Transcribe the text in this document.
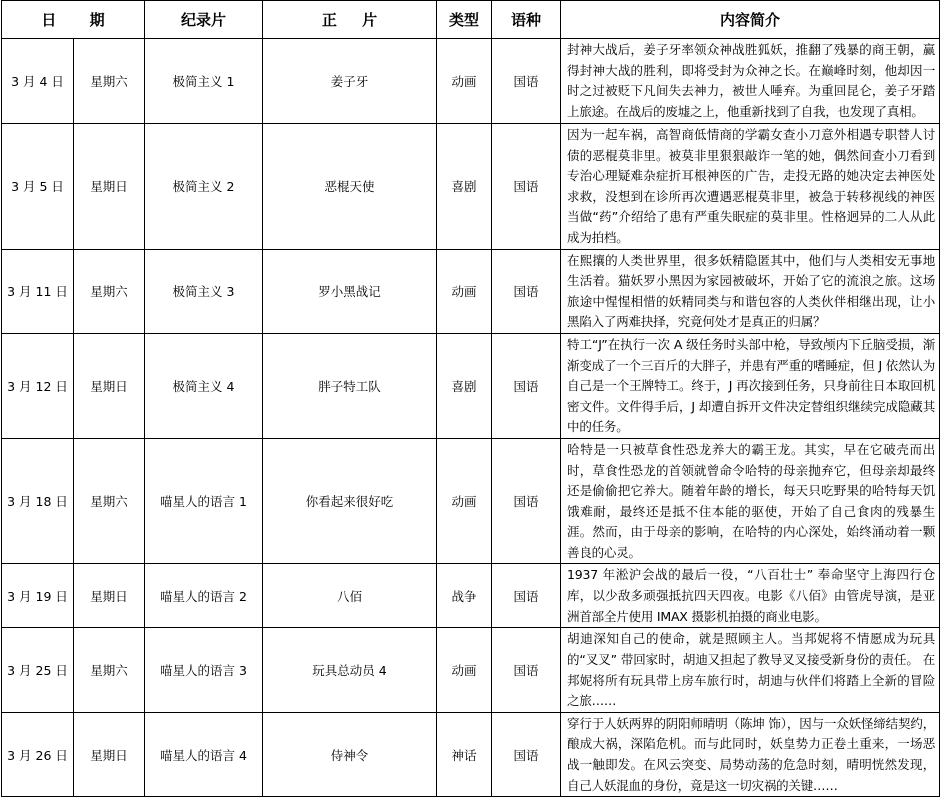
日 期		纪录片	正 片	类型	语种	内容简介
3 月 4 日	星期六	极简主义 1	姜子牙	动画	国语	封神大战后，姜子牙率领众神战胜狐妖，推翻了残暴的商王朝，赢得封神大战的胜利，即将受封为众神之长。在巅峰时刻，他却因一时之过被贬下凡间失去神力，被世人唾弃。为重回昆仑，姜子牙踏上旅途。在战后的废墟之上，他重新找到了自我，也发现了真相。
3 月 5 日	星期日	极简主义 2	恶棍天使	喜剧	国语	因为一起车祸，高智商低情商的学霸女查小刀意外相遇专职替人讨债的恶棍莫非里。被莫非里狠狠敲诈一笔的她，偶然间查小刀看到专治心理疑难杂症折耳根神医的广告，走投无路的她决定去神医处求救，没想到在诊所再次遭遇恶棍莫非里，被急于转移视线的神医当做“药”介绍给了患有严重失眠症的莫非里。性格迥异的二人从此成为拍档。
3 月 11 日	星期六	极简主义 3	罗小黑战记	动画	国语	在熙攘的人类世界里，很多妖精隐匿其中，他们与人类相安无事地生活着。猫妖罗小黑因为家园被破坏，开始了它的流浪之旅。这场旅途中惺惺相惜的妖精同类与和谐包容的人类伙伴相继出现，让小黑陷入了两难抉择，究竟何处才是真正的归属？
3 月 12 日	星期日	极简主义 4	胖子特工队	喜剧	国语	特工“J”在执行一次 A 级任务时头部中枪，导致颅内下丘脑受损，渐渐变成了一个三百斤的大胖子，并患有严重的嗜睡症，但 J 依然认为自己是一个王牌特工。终于，J 再次接到任务，只身前往日本取回机密文件。文件得手后，J 却遭自拆开文件决定替组织继续完成隐藏其中的任务。
3 月 18 日	星期六	喵星人的语言 1	你看起来很好吃	动画	国语	哈特是一只被草食性恐龙养大的霸王龙。其实，早在它破壳而出时，草食性恐龙的首领就曾命令哈特的母亲抛弃它，但母亲却最终还是偷偷把它养大。随着年龄的增长，每天只吃野果的哈特每天饥饿难耐，最终还是抵不住本能的驱使，开始了自己食肉的残暴生涯。然而，由于母亲的影响，在哈特的内心深处，始终涌动着一颗善良的心灵。
3 月 19 日	星期日	喵星人的语言 2	八佰	战争	国语	1937 年淞沪会战的最后一役，“八百壮士” 奉命坚守上海四行仓库，以少敌多顽强抵抗四天四夜。电影《八佰》由管虎导演，是亚洲首部全片使用 IMAX 摄影机拍摄的商业电影。
3 月 25 日	星期六	喵星人的语言 3	玩具总动员 4	动画	国语	胡迪深知自己的使命，就是照顾主人。当邦妮将不情愿成为玩具的“叉叉” 带回家时，胡迪又担起了教导叉叉接受新身份的责任。 在邦妮将所有玩具带上房车旅行时，胡迪与伙伴们将踏上全新的冒险之旅……
3 月 26 日	星期日	喵星人的语言 4	侍神令	神话	国语	穿行于人妖两界的阴阳师晴明（陈坤 饰），因与一众妖怪缔结契约，酿成大祸，深陷危机。而与此同时，妖皇势力正卷土重来，一场恶战一触即发。在风云突变、局势动荡的危急时刻，晴明恍然发现，自己人妖混血的身份，竟是这一切灾祸的关键……
